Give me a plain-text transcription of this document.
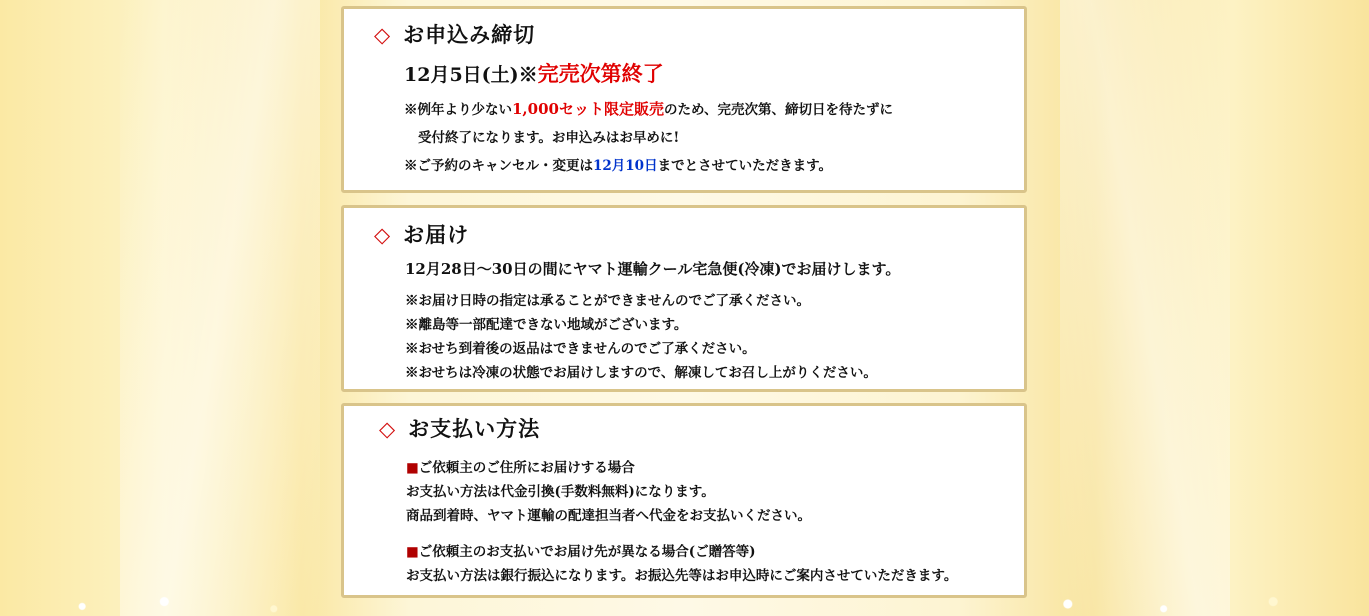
◇ お申込み締切
12月5日(土)※完売次第終了
※例年より少ない1,000セット限定販売のため、完売次第、締切日を待たずに
受付終了になります。お申込みはお早めに!
※ご予約のキャンセル・変更は12月10日までとさせていただきます。
◇ お届け
12月28日～30日の間にヤマト運輸クール宅急便(冷凍)でお届けします。
※お届け日時の指定は承ることができませんのでご了承ください。
※離島等一部配達できない地域がございます。
※おせち到着後の返品はできませんのでご了承ください。
※おせちは冷凍の状態でお届けしますので、解凍してお召し上がりください。
◇ お支払い方法
■ご依頼主のご住所にお届けする場合
お支払い方法は代金引換(手数料無料)になります。
商品到着時、ヤマト運輸の配達担当者へ代金をお支払いください。
■ご依頼主のお支払いでお届け先が異なる場合(ご贈答等)
お支払い方法は銀行振込になります。お振込先等はお申込時にご案内させていただきます。
